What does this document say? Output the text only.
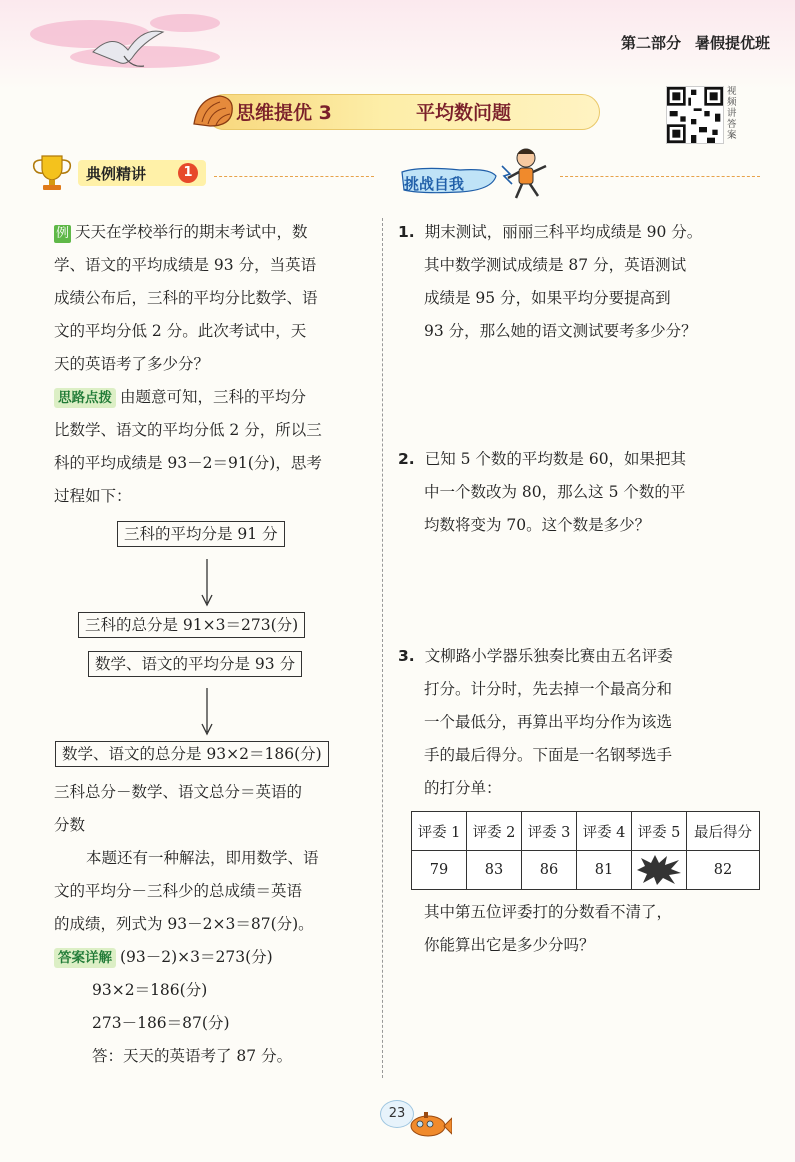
第二部分 暑假提优班
思维提优 3	平均数问题
视频讲答案
典例精讲	1
挑战自我
例 天天在学校举行的期末考试中，数
学、语文的平均成绩是 93 分，当英语
成绩公布后，三科的平均分比数学、语
文的平均分低 2 分。此次考试中，天
天的英语考了多少分？
思路点拨 由题意可知，三科的平均分
比数学、语文的平均分低 2 分，所以三
科的平均成绩是 93－2＝91(分)，思考
过程如下：
三科的平均分是 91 分
三科的总分是 91×3＝273(分)
数学、语文的平均分是 93 分
数学、语文的总分是 93×2＝186(分)
三科总分－数学、语文总分＝英语的
分数
本题还有一种解法，即用数学、语
文的平均分－三科少的总成绩＝英语
的成绩，列式为 93－2×3＝87(分)。
答案详解 (93－2)×3＝273(分)
93×2＝186(分)
273－186＝87(分)
答：天天的英语考了 87 分。
1. 期末测试，丽丽三科平均成绩是 90 分。
其中数学测试成绩是 87 分，英语测试
成绩是 95 分，如果平均分要提高到
93 分，那么她的语文测试要考多少分？
2. 已知 5 个数的平均数是 60，如果把其
中一个数改为 80，那么这 5 个数的平
均数将变为 70。这个数是多少？
3. 文柳路小学器乐独奏比赛由五名评委
打分。计分时，先去掉一个最高分和
一个最低分，再算出平均分作为该选
手的最后得分。下面是一名钢琴选手
的打分单：
评委 1	评委 2	评委 3	评委 4	评委 5	最后得分
79	83	86	81		82
其中第五位评委打的分数看不清了，
你能算出它是多少分吗？
23
